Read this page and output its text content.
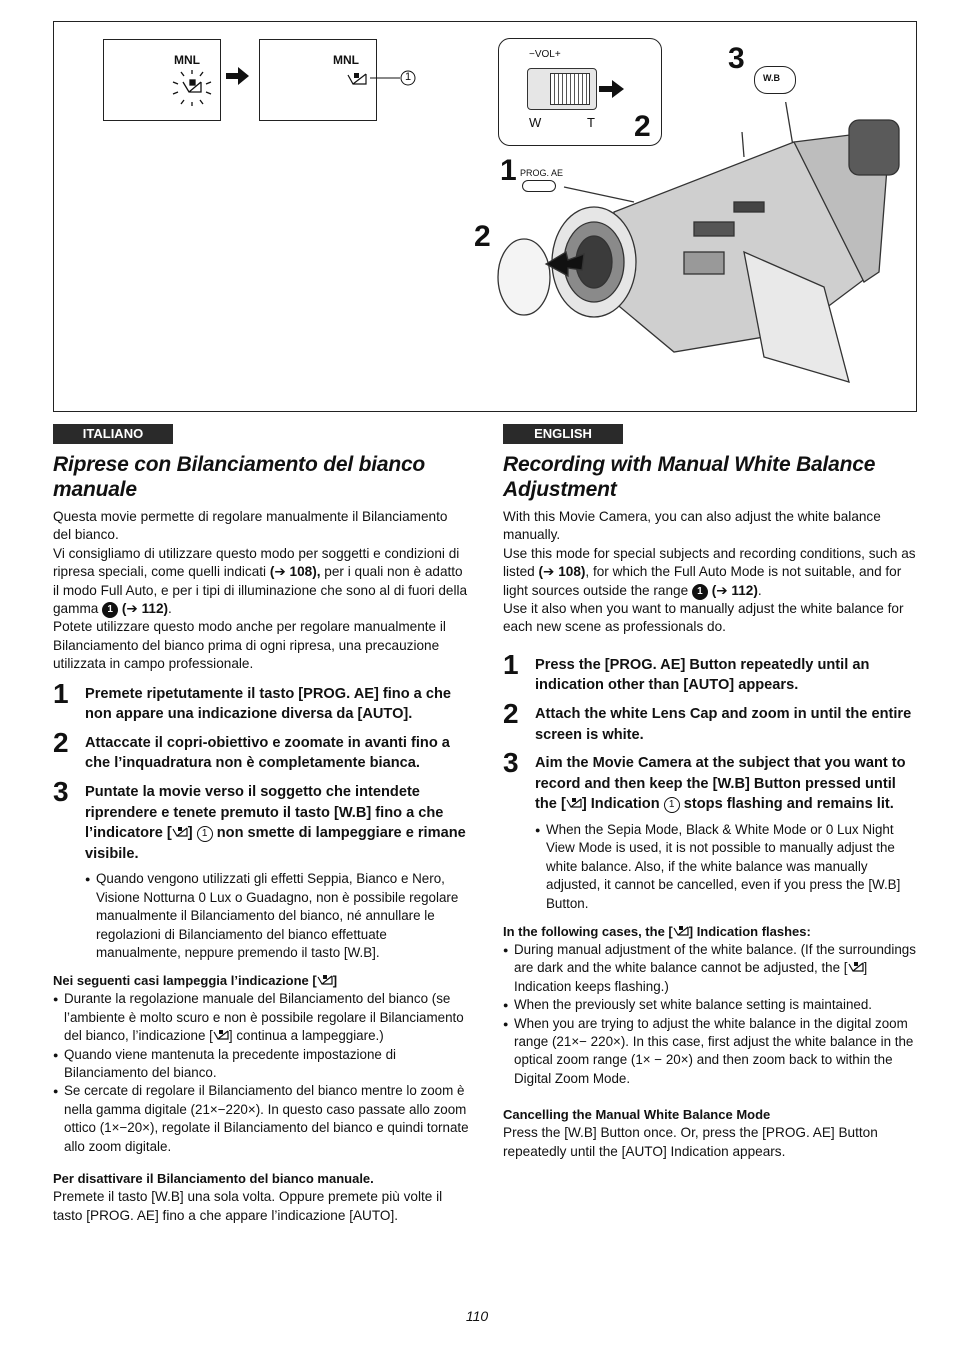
MNL	MNL
1
−VOL+
W	T
3
2
1
2
W.B
PROG. AE
ITALIANO
Riprese con Bilanciamento del bianco manuale

Questa movie permette di regolare manualmente il Bilanciamento del bianco.

Vi consigliamo di utilizzare questo modo per soggetti e condizioni di ripresa speciali, come quelli indicati (➔ 108), per i quali non è adatto il modo Full Auto, e per i tipi di illuminazione che sono al di fuori della gamma 1 (➔ 112).

Potete utilizzare questo modo anche per regolare manualmente il Bilanciamento del bianco prima di ogni ripresa, una precauzione utilizzata in campo professionale.

1 Premete ripetutamente il tasto [PROG. AE] fino a che non appare una indicazione diversa da [AUTO].
2 Attaccate il copri-obiettivo e zoomate in avanti fino a che l’inquadratura non è completamente bianca.
3 Puntate la movie verso il soggetto che intendete riprendere e tenete premuto il tasto [W.B] fino a che l’indicatore [ ] 1 non smette di lampeggiare e rimane visibile.

● Quando vengono utilizzati gli effetti Seppia, Bianco e Nero, Visione Notturna 0 Lux o Guadagno, non è possibile regolare manualmente il Bilanciamento del bianco, né annullare le regolazioni di Bilanciamento del bianco effettuate manualmente, neppure premendo il tasto [W.B].

Nei seguenti casi lampeggia l’indicazione [ ]

● Durante la regolazione manuale del Bilanciamento del bianco (se l’ambiente è molto scuro e non è possibile regolare il Bilanciamento del bianco, l’indicazione [ ] continua a lampeggiare.)

● Quando viene mantenuta la precedente impostazione di Bilanciamento del bianco.

● Se cercate di regolare il Bilanciamento del bianco mentre lo zoom è nella gamma digitale (21×−220×). In questo caso passate allo zoom ottico (1×−20×), regolate il Bilanciamento del bianco e quindi tornate allo zoom digitale.

Per disattivare il Bilanciamento del bianco manuale.

Premete il tasto [W.B] una sola volta. Oppure premete più volte il tasto [PROG. AE] fino a che appare l’indicazione [AUTO].

ENGLISH
Recording with Manual White Balance Adjustment

With this Movie Camera, you can also adjust the white balance manually.

Use this mode for special subjects and recording conditions, such as listed (➔ 108), for which the Full Auto Mode is not suitable, and for light sources outside the range 1 (➔ 112).

Use it also when you want to manually adjust the white balance for each new scene as professionals do.

1 Press the [PROG. AE] Button repeatedly until an indication other than [AUTO] appears.
2 Attach the white Lens Cap and zoom in until the entire screen is white.
3 Aim the Movie Camera at the subject that you want to record and then keep the [W.B] Button pressed until the [ ] Indication 1 stops flashing and remains lit.

● When the Sepia Mode, Black & White Mode or 0 Lux Night View Mode is used, it is not possible to manually adjust the white balance. Also, if the white balance was manually adjusted, it cannot be cancelled, even if you press the [W.B] Button.

In the following cases, the [ ] Indication flashes:

● During manual adjustment of the white balance. (If the surroundings are dark and the white balance cannot be adjusted, the [ ] Indication keeps flashing.)

● When the previously set white balance setting is maintained.

● When you are trying to adjust the white balance in the digital zoom range (21×− 220×). In this case, first adjust the white balance in the optical zoom range (1× − 20×) and then zoom back to within the Digital Zoom Mode.

Cancelling the Manual White Balance Mode

Press the [W.B] Button once. Or, press the [PROG. AE] Button repeatedly until the [AUTO] Indication appears.

110
